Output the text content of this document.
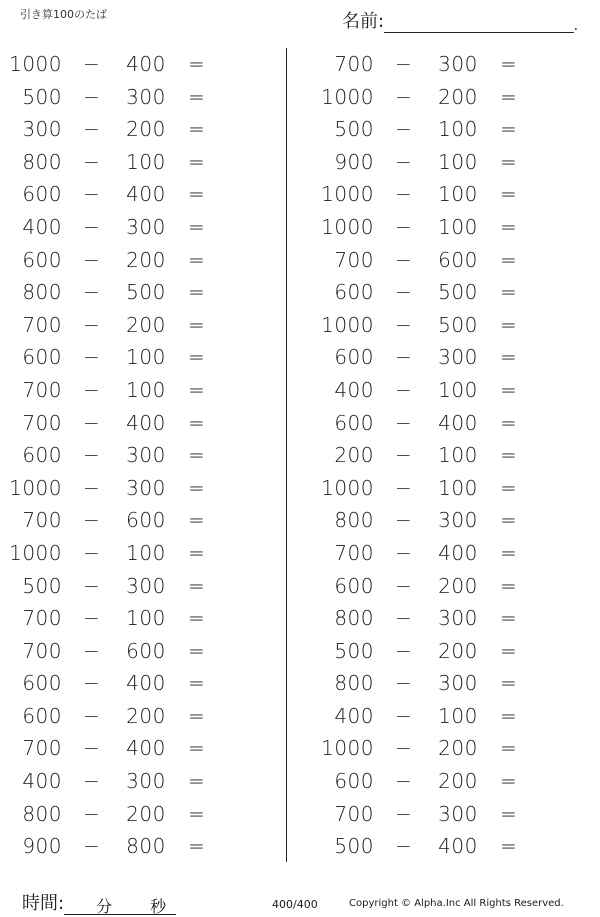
引き算100のたば	名前:	.
1000 − 400 =
500 − 300 =
300 − 200 =
800 − 100 =
600 − 400 =
400 − 300 =
600 − 200 =
800 − 500 =
700 − 200 =
600 − 100 =
700 − 100 =
700 − 400 =
600 − 300 =
1000 − 300 =
700 − 600 =
1000 − 100 =
500 − 300 =
700 − 100 =
700 − 600 =
600 − 400 =
600 − 200 =
700 − 400 =
400 − 300 =
800 − 200 =
900 − 800 =
700 − 300 =
1000 − 200 =
500 − 100 =
900 − 100 =
1000 − 100 =
1000 − 100 =
700 − 600 =
600 − 500 =
1000 − 500 =
600 − 300 =
400 − 100 =
600 − 400 =
200 − 100 =
1000 − 100 =
800 − 300 =
700 − 400 =
600 − 200 =
800 − 300 =
500 − 200 =
800 − 300 =
400 − 100 =
1000 − 200 =
600 − 200 =
700 − 300 =
500 − 400 =
時間: 分 秒	400/400	Copyright © Alpha.Inc All Rights Reserved.
